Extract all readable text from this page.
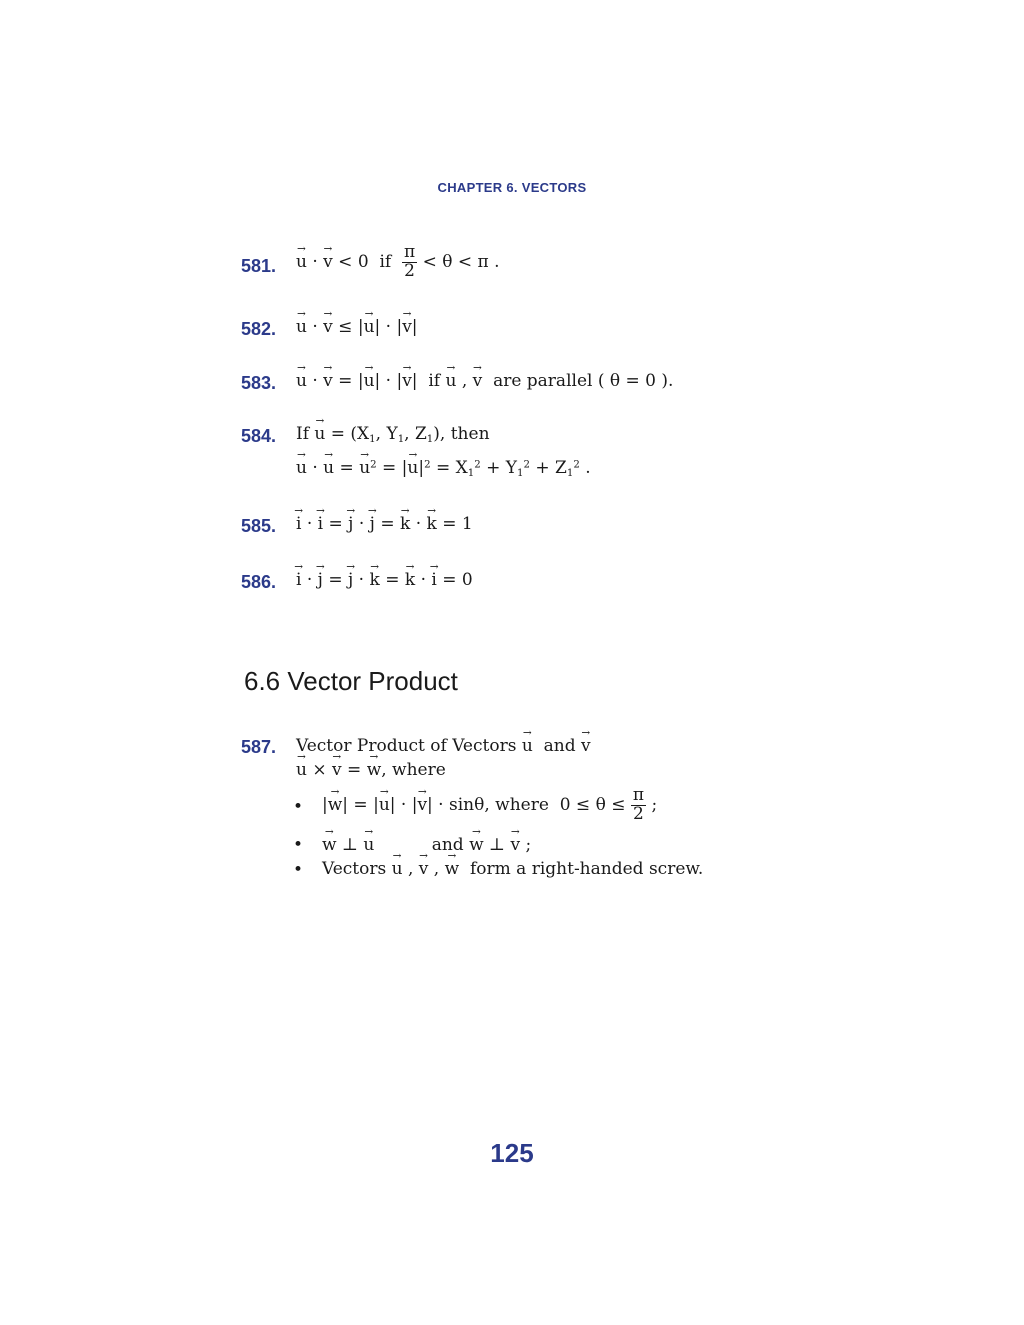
CHAPTER 6. VECTORS
581. → u · → v < 0  if $\frac{\pi}{2} < \theta < \pi$ .
582. → u · → v ≤ |→ u| · |→ v|
583. → u · → v = |→ u| · |→ v|  if → u , → v are parallel ( θ = 0 ).
584. $If \to u = (X_1$, $Y_1$, $Z_1$), then
→ u · → u = → $u^2$ = |→ $u|^2 = X_1^2 + Y_1^2 + Z_1^2$ .
585. → i · → i = → j · → j = → k · → k = 1
586. → i · → j = → j · → k = → k · → i = 0
6.6 Vector Product
587. Vector Product of Vectors → u and → v
→ u × → v = → w, where
• |→ w| = |→ u| · |→ v| · sinθ, where  $0 \le \theta \le \frac{\pi}{2}$ ;
• → w ⊥ → u	and → w ⊥ → v ;
• Vectors → u , → v , → w form a right-handed screw.
125
